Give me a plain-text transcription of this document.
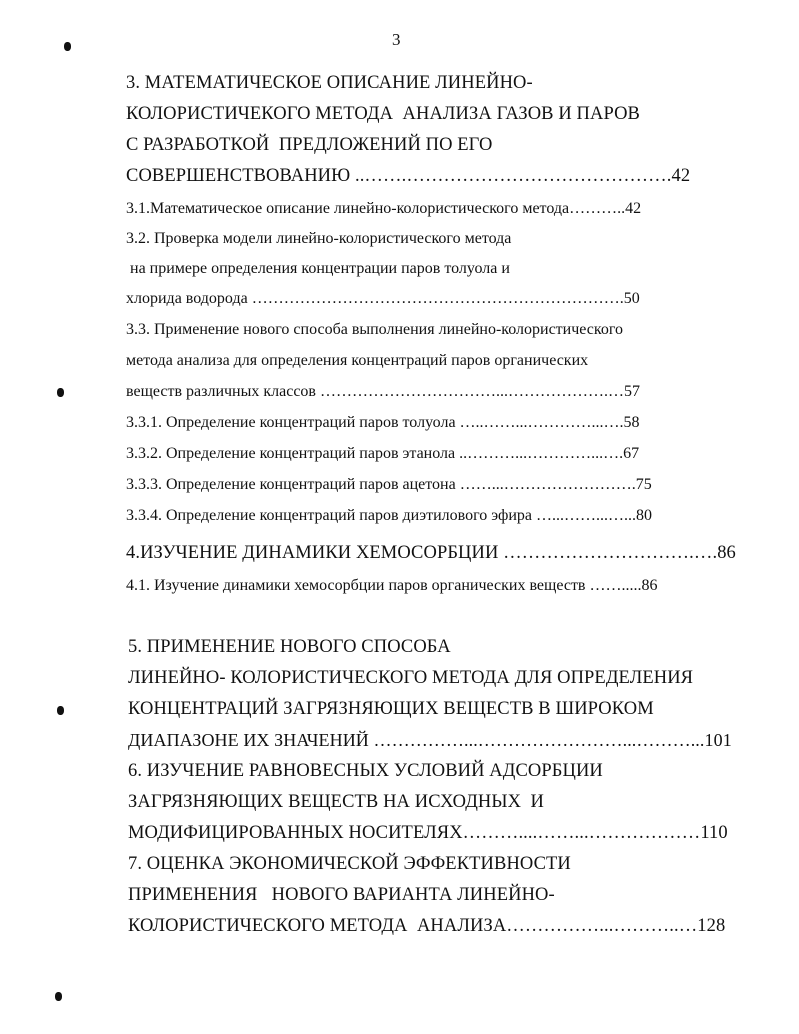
3
3. МАТЕМАТИЧЕСКОЕ ОПИСАНИЕ ЛИНЕЙНО-
КОЛОРИСТИЧЕКОГО МЕТОДА  АНАЛИЗА ГАЗОВ И ПАРОВ
С РАЗРАБОТКОЙ  ПРЕДЛОЖЕНИЙ ПО ЕГО
СОВЕРШЕНСТВОВАНИЮ ..…….…………………………………….42
3.1.Математическое описание линейно-колористического метода………..42
3.2. Проверка модели линейно-колористического метода
на примере определения концентрации паров толуола и
хлорида водорода …………………………………………………………….50
3.3. Применение нового способа выполнения линейно-колористического
метода анализа для определения концентраций паров органических
веществ различных классов ……………………………...……………….…57
3.3.1. Определение концентраций паров толуола …..……...…………...….58
3.3.2. Определение концентраций паров этанола ..………...…………...….67
3.3.3. Определение концентраций паров ацетона ……...…………………….75
3.3.4. Определение концентраций паров диэтилового эфира …...……...…...80
4.ИЗУЧЕНИЕ ДИНАМИКИ ХЕМОСОРБЦИИ ………………………….….86
4.1. Изучение динамики хемосорбции паров органических веществ …….....86
5. ПРИМЕНЕНИЕ НОВОГО СПОСОБА
ЛИНЕЙНО- КОЛОРИСТИЧЕСКОГО МЕТОДА ДЛЯ ОПРЕДЕЛЕНИЯ
КОНЦЕНТРАЦИЙ ЗАГРЯЗНЯЮЩИХ ВЕЩЕСТВ В ШИРОКОМ
ДИАПАЗОНЕ ИХ ЗНАЧЕНИЙ ……………...……………………...………...101
6. ИЗУЧЕНИЕ РАВНОВЕСНЫХ УСЛОВИЙ АДСОРБЦИИ
ЗАГРЯЗНЯЮЩИХ ВЕЩЕСТВ НА ИСХОДНЫХ  И
МОДИФИЦИРОВАННЫХ НОСИТЕЛЯХ………....……...………………110
7. ОЦЕНКА ЭКОНОМИЧЕСКОЙ ЭФФЕКТИВНОСТИ
ПРИМЕНЕНИЯ   НОВОГО ВАРИАНТА ЛИНЕЙНО-
КОЛОРИСТИЧЕСКОГО МЕТОДА  АНАЛИЗА……………...………..…128
